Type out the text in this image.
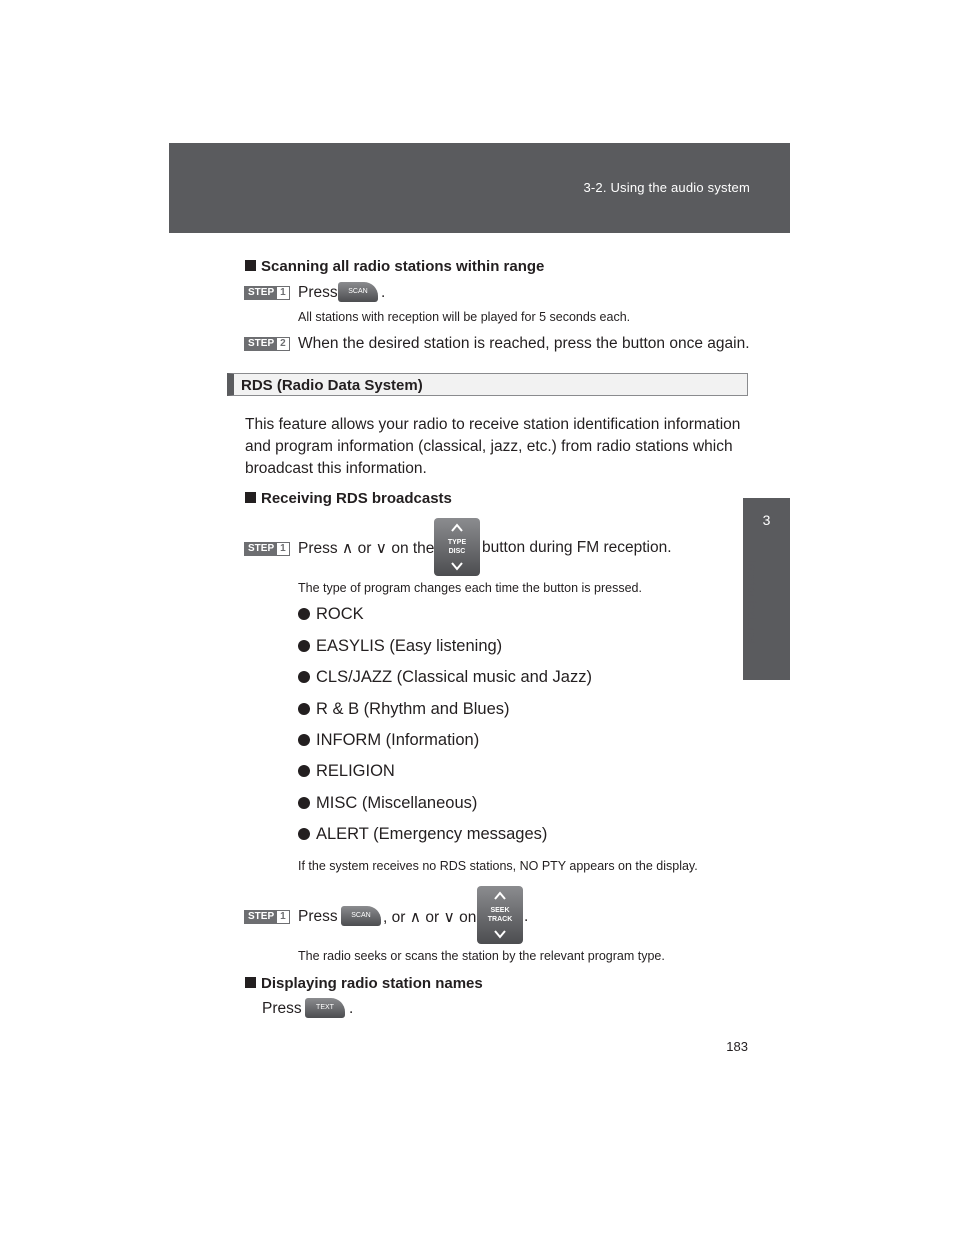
3-2. Using the audio system
3
Interior features
Scanning all radio stations within range
STEP 1 Press	SCAN .
All stations with reception will be played for 5 seconds each.
STEP 2 When the desired station is reached, press the button once again.
RDS (Radio Data System)
This feature allows your radio to receive station identification information
and program information (classical, jazz, etc.) from radio stations which
broadcast this information.
Receiving RDS broadcasts
STEP 1 Press ∧ or ∨ on the	TYPE
DISC	button during FM reception.
The type of program changes each time the button is pressed.
ROCK
EASYLIS (Easy listening)
CLS/JAZZ (Classical music and Jazz)
R & B (Rhythm and Blues)
INFORM (Information)
RELIGION
MISC (Miscellaneous)
ALERT (Emergency messages)
If the system receives no RDS stations, NO PTY appears on the display.
STEP 1 Press	SCAN , or ∧ or ∨ on	SEEK
TRACK .
The radio seeks or scans the station by the relevant program type.
Displaying radio station names
Press	TEXT .
183
